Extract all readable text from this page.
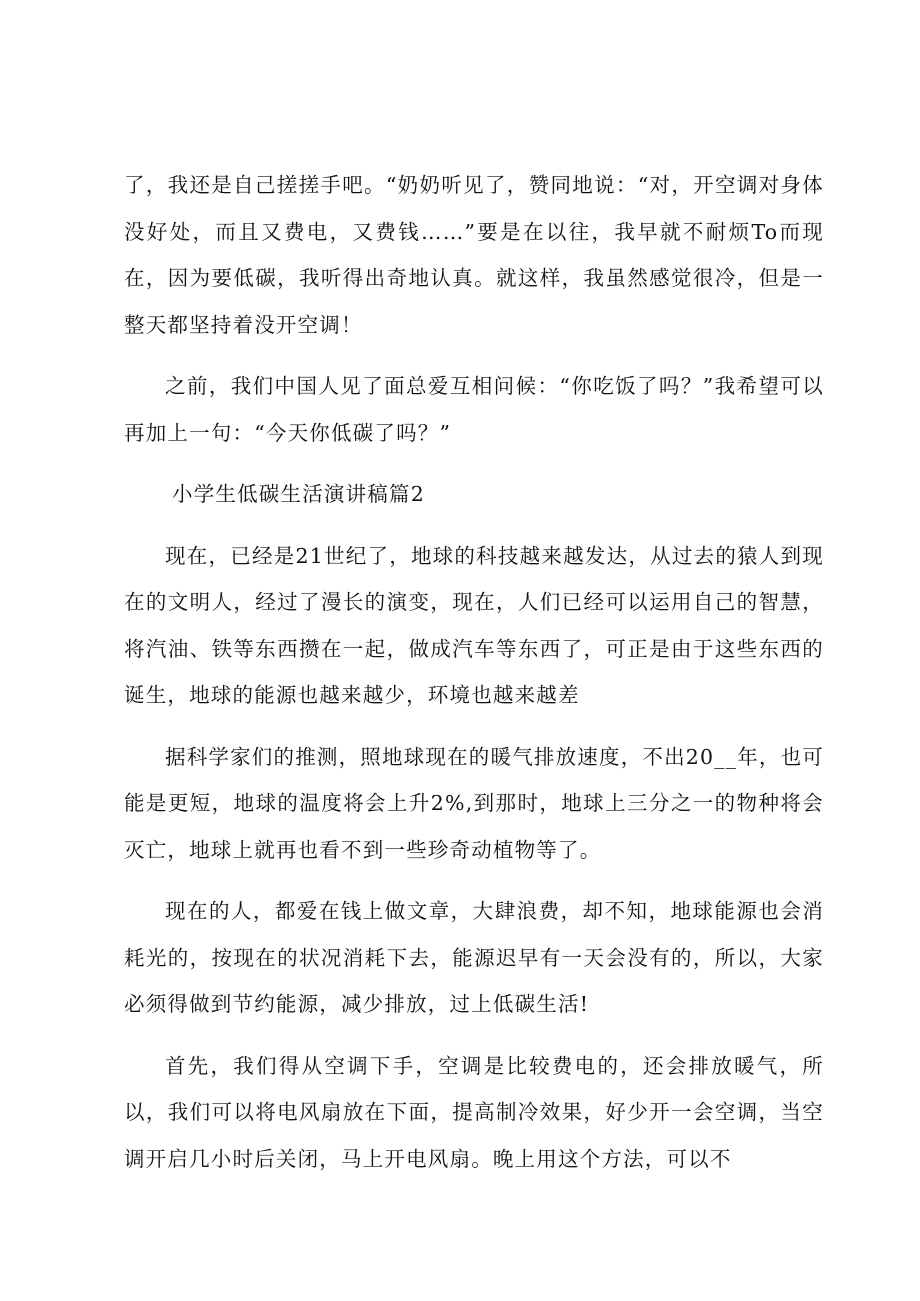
了，我还是自己搓搓手吧。“奶奶听见了，赞同地说：“对，开空调对身体没好处，而且又费电，又费钱……”要是在以往，我早就不耐烦To而现在，因为要低碳，我听得出奇地认真。就这样，我虽然感觉很冷，但是一整天都坚持着没开空调！

之前，我们中国人见了面总爱互相问候：“你吃饭了吗？”我希望可以再加上一句：“今天你低碳了吗？”

小学生低碳生活演讲稿篇2

现在，已经是21世纪了，地球的科技越来越发达，从过去的猿人到现在的文明人，经过了漫长的演变，现在，人们已经可以运用自己的智慧，将汽油、铁等东西攒在一起，做成汽车等东西了，可正是由于这些东西的诞生，地球的能源也越来越少，环境也越来越差

据科学家们的推测，照地球现在的暖气排放速度，不出20__年，也可能是更短，地球的温度将会上升2%,到那时，地球上三分之一的物种将会灭亡，地球上就再也看不到一些珍奇动植物等了。

现在的人，都爱在钱上做文章，大肆浪费，却不知，地球能源也会消耗光的，按现在的状况消耗下去，能源迟早有一天会没有的，所以，大家必须得做到节约能源，减少排放，过上低碳生活!

首先，我们得从空调下手，空调是比较费电的，还会排放暖气，所以，我们可以将电风扇放在下面，提高制冷效果，好少开一会空调，当空调开启几小时后关闭，马上开电风扇。晚上用这个方法，可以不
